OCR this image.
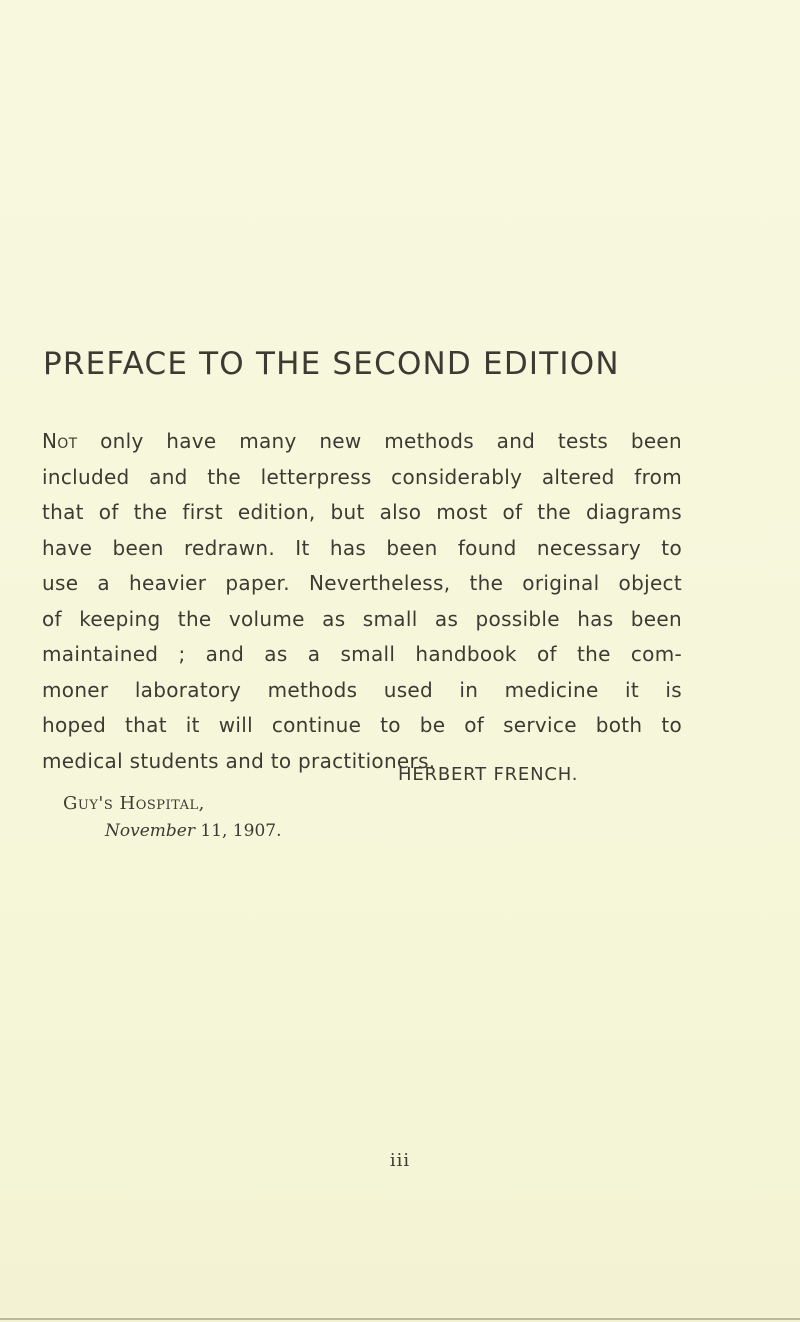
PREFACE TO THE SECOND EDITION
Not only have many new methods and tests been
included and the letterpress considerably altered from
that of the first edition, but also most of the diagrams
have been redrawn. It has been found necessary to
use a heavier paper. Nevertheless, the original object
of keeping the volume as small as possible has been
maintained ; and as a small handbook of the com-
moner laboratory methods used in medicine it is
hoped that it will continue to be of service both to
medical students and to practitioners.
HERBERT FRENCH.
Guy's Hospital,
November 11, 1907.
iii
